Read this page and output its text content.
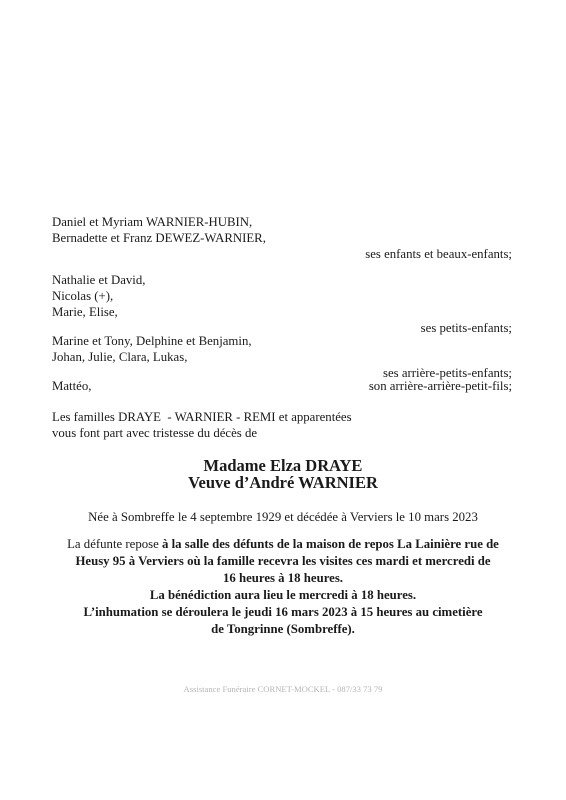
Daniel et Myriam WARNIER-HUBIN,
Bernadette et Franz DEWEZ-WARNIER,
ses enfants et beaux-enfants;
Nathalie et David,
Nicolas (+),
Marie, Elise,
ses petits-enfants;
Marine et Tony, Delphine et Benjamin,
Johan, Julie, Clara, Lukas,
ses arrière-petits-enfants;
Mattéo,	son arrière-arrière-petit-fils;
Les familles DRAYE  - WARNIER - REMI et apparentées
vous font part avec tristesse du décès de
Madame Elza DRAYE
Veuve d’André WARNIER
Née à Sombreffe le 4 septembre 1929 et décédée à Verviers le 10 mars 2023
La défunte repose à la salle des défunts de la maison de repos La Lainière rue de
Heusy 95 à Verviers où la famille recevra les visites ces mardi et mercredi de
16 heures à 18 heures.
La bénédiction aura lieu le mercredi à 18 heures.
L’inhumation se déroulera le jeudi 16 mars 2023 à 15 heures au cimetière
de Tongrinne (Sombreffe).
Assistance Funéraire CORNET-MOCKEL - 087/33 73 79
